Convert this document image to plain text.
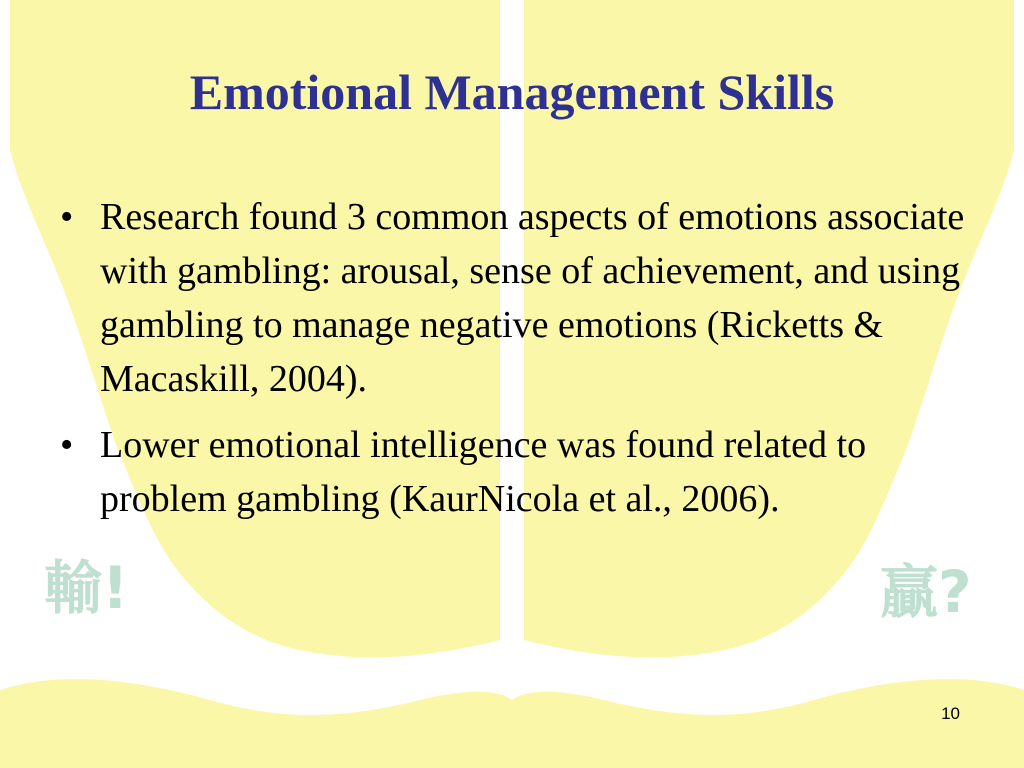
輸!	贏?
Emotional Management Skills
• Research found 3 common aspects of emotions associate with gambling: arousal, sense of achievement, and using gambling to manage negative emotions (Ricketts & Macaskill, 2004).
• Lower emotional intelligence was found related to problem gambling (KaurNicola et al., 2006).
10
